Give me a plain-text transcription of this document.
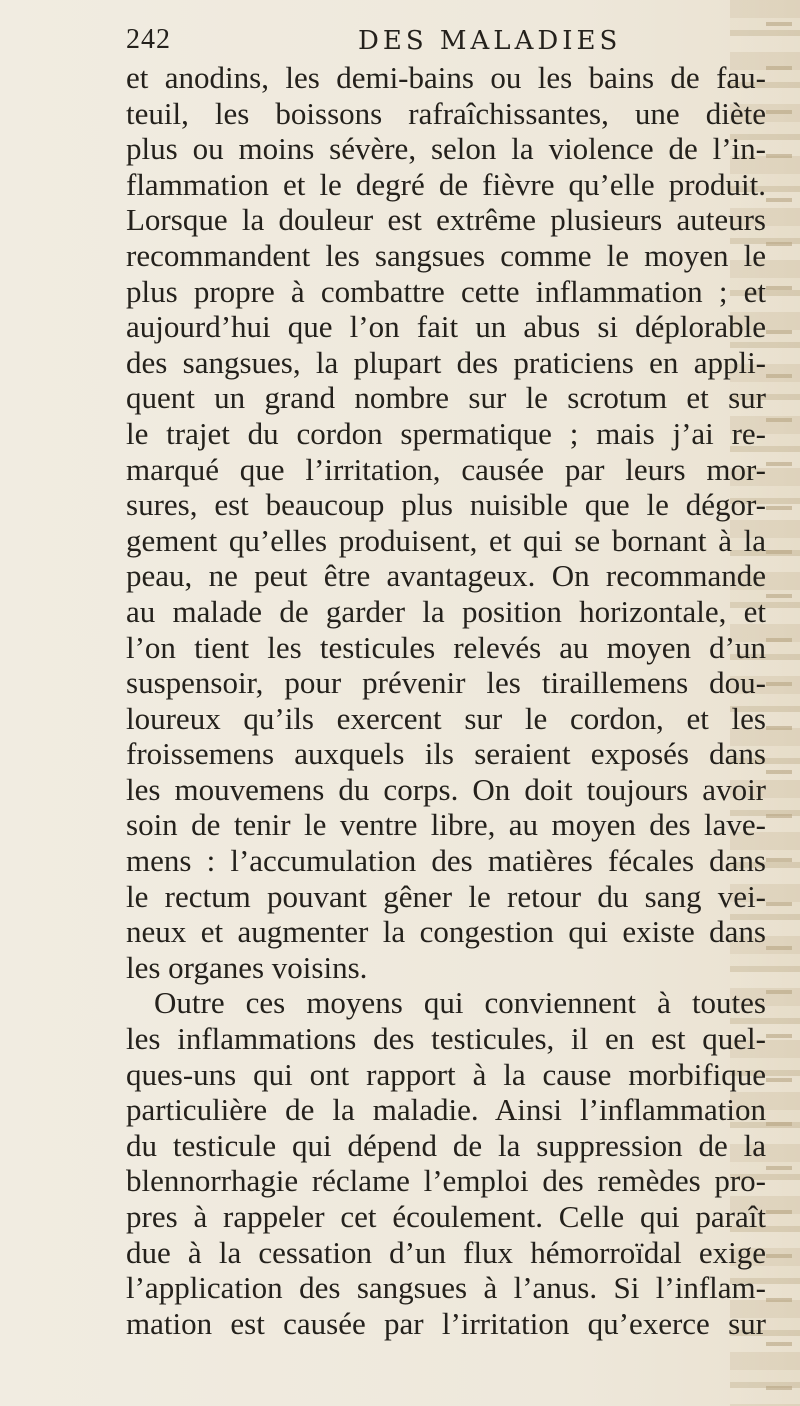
242	DES MALADIES
et anodins, les demi-bains ou les bains de fau-
teuil, les boissons rafraîchissantes, une diète
plus ou moins sévère, selon la violence de l’in-
flammation et le degré de fièvre qu’elle produit.
Lorsque la douleur est extrême plusieurs auteurs
recommandent les sangsues comme le moyen le
plus propre à combattre cette inflammation ; et
aujourd’hui que l’on fait un abus si déplorable
des sangsues, la plupart des praticiens en appli-
quent un grand nombre sur le scrotum et sur
le trajet du cordon spermatique ; mais j’ai re-
marqué que l’irritation, causée par leurs mor-
sures, est beaucoup plus nuisible que le dégor-
gement qu’elles produisent, et qui se bornant à la
peau, ne peut être avantageux. On recommande
au malade de garder la position horizontale, et
l’on tient les testicules relevés au moyen d’un
suspensoir, pour prévenir les tiraillemens dou-
loureux qu’ils exercent sur le cordon, et les
froissemens auxquels ils seraient exposés dans
les mouvemens du corps. On doit toujours avoir
soin de tenir le ventre libre, au moyen des lave-
mens : l’accumulation des matières fécales dans
le rectum pouvant gêner le retour du sang vei-
neux et augmenter la congestion qui existe dans
les organes voisins.
Outre ces moyens qui conviennent à toutes
les inflammations des testicules, il en est quel-
ques-uns qui ont rapport à la cause morbifique
particulière de la maladie. Ainsi l’inflammation
du testicule qui dépend de la suppression de la
blennorrhagie réclame l’emploi des remèdes pro-
pres à rappeler cet écoulement. Celle qui paraît
due à la cessation d’un flux hémorroïdal exige
l’application des sangsues à l’anus. Si l’inflam-
mation est causée par l’irritation qu’exerce sur
